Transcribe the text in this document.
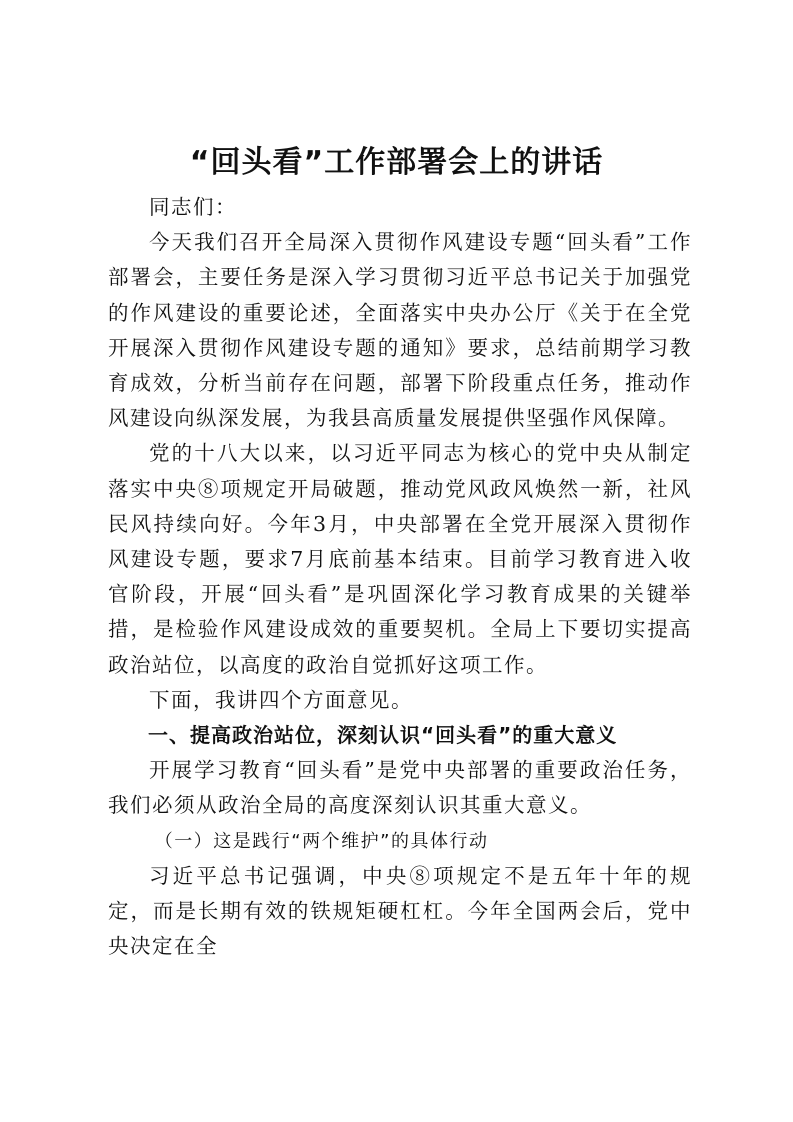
“回头看”工作部署会上的讲话

同志们：

今天我们召开全局深入贯彻作风建设专题“回头看”工作部署会，主要任务是深入学习贯彻习近平总书记关于加强党的作风建设的重要论述，全面落实中央办公厅《关于在全党开展深入贯彻作风建设专题的通知》要求，总结前期学习教育成效，分析当前存在问题，部署下阶段重点任务，推动作风建设向纵深发展，为我县高质量发展提供坚强作风保障。

党的十八大以来，以习近平同志为核心的党中央从制定落实中央⑧项规定开局破题，推动党风政风焕然一新，社风民风持续向好。今年3月，中央部署在全党开展深入贯彻作风建设专题，要求7月底前基本结束。目前学习教育进入收官阶段，开展“回头看”是巩固深化学习教育成果的关键举措，是检验作风建设成效的重要契机。全局上下要切实提高政治站位，以高度的政治自觉抓好这项工作。

下面，我讲四个方面意见。

一、提高政治站位，深刻认识“回头看”的重大意义

开展学习教育“回头看”是党中央部署的重要政治任务，我们必须从政治全局的高度深刻认识其重大意义。

（一）这是践行“两个维护”的具体行动

习近平总书记强调，中央⑧项规定不是五年十年的规定，而是长期有效的铁规矩硬杠杠。今年全国两会后，党中央决定在全
